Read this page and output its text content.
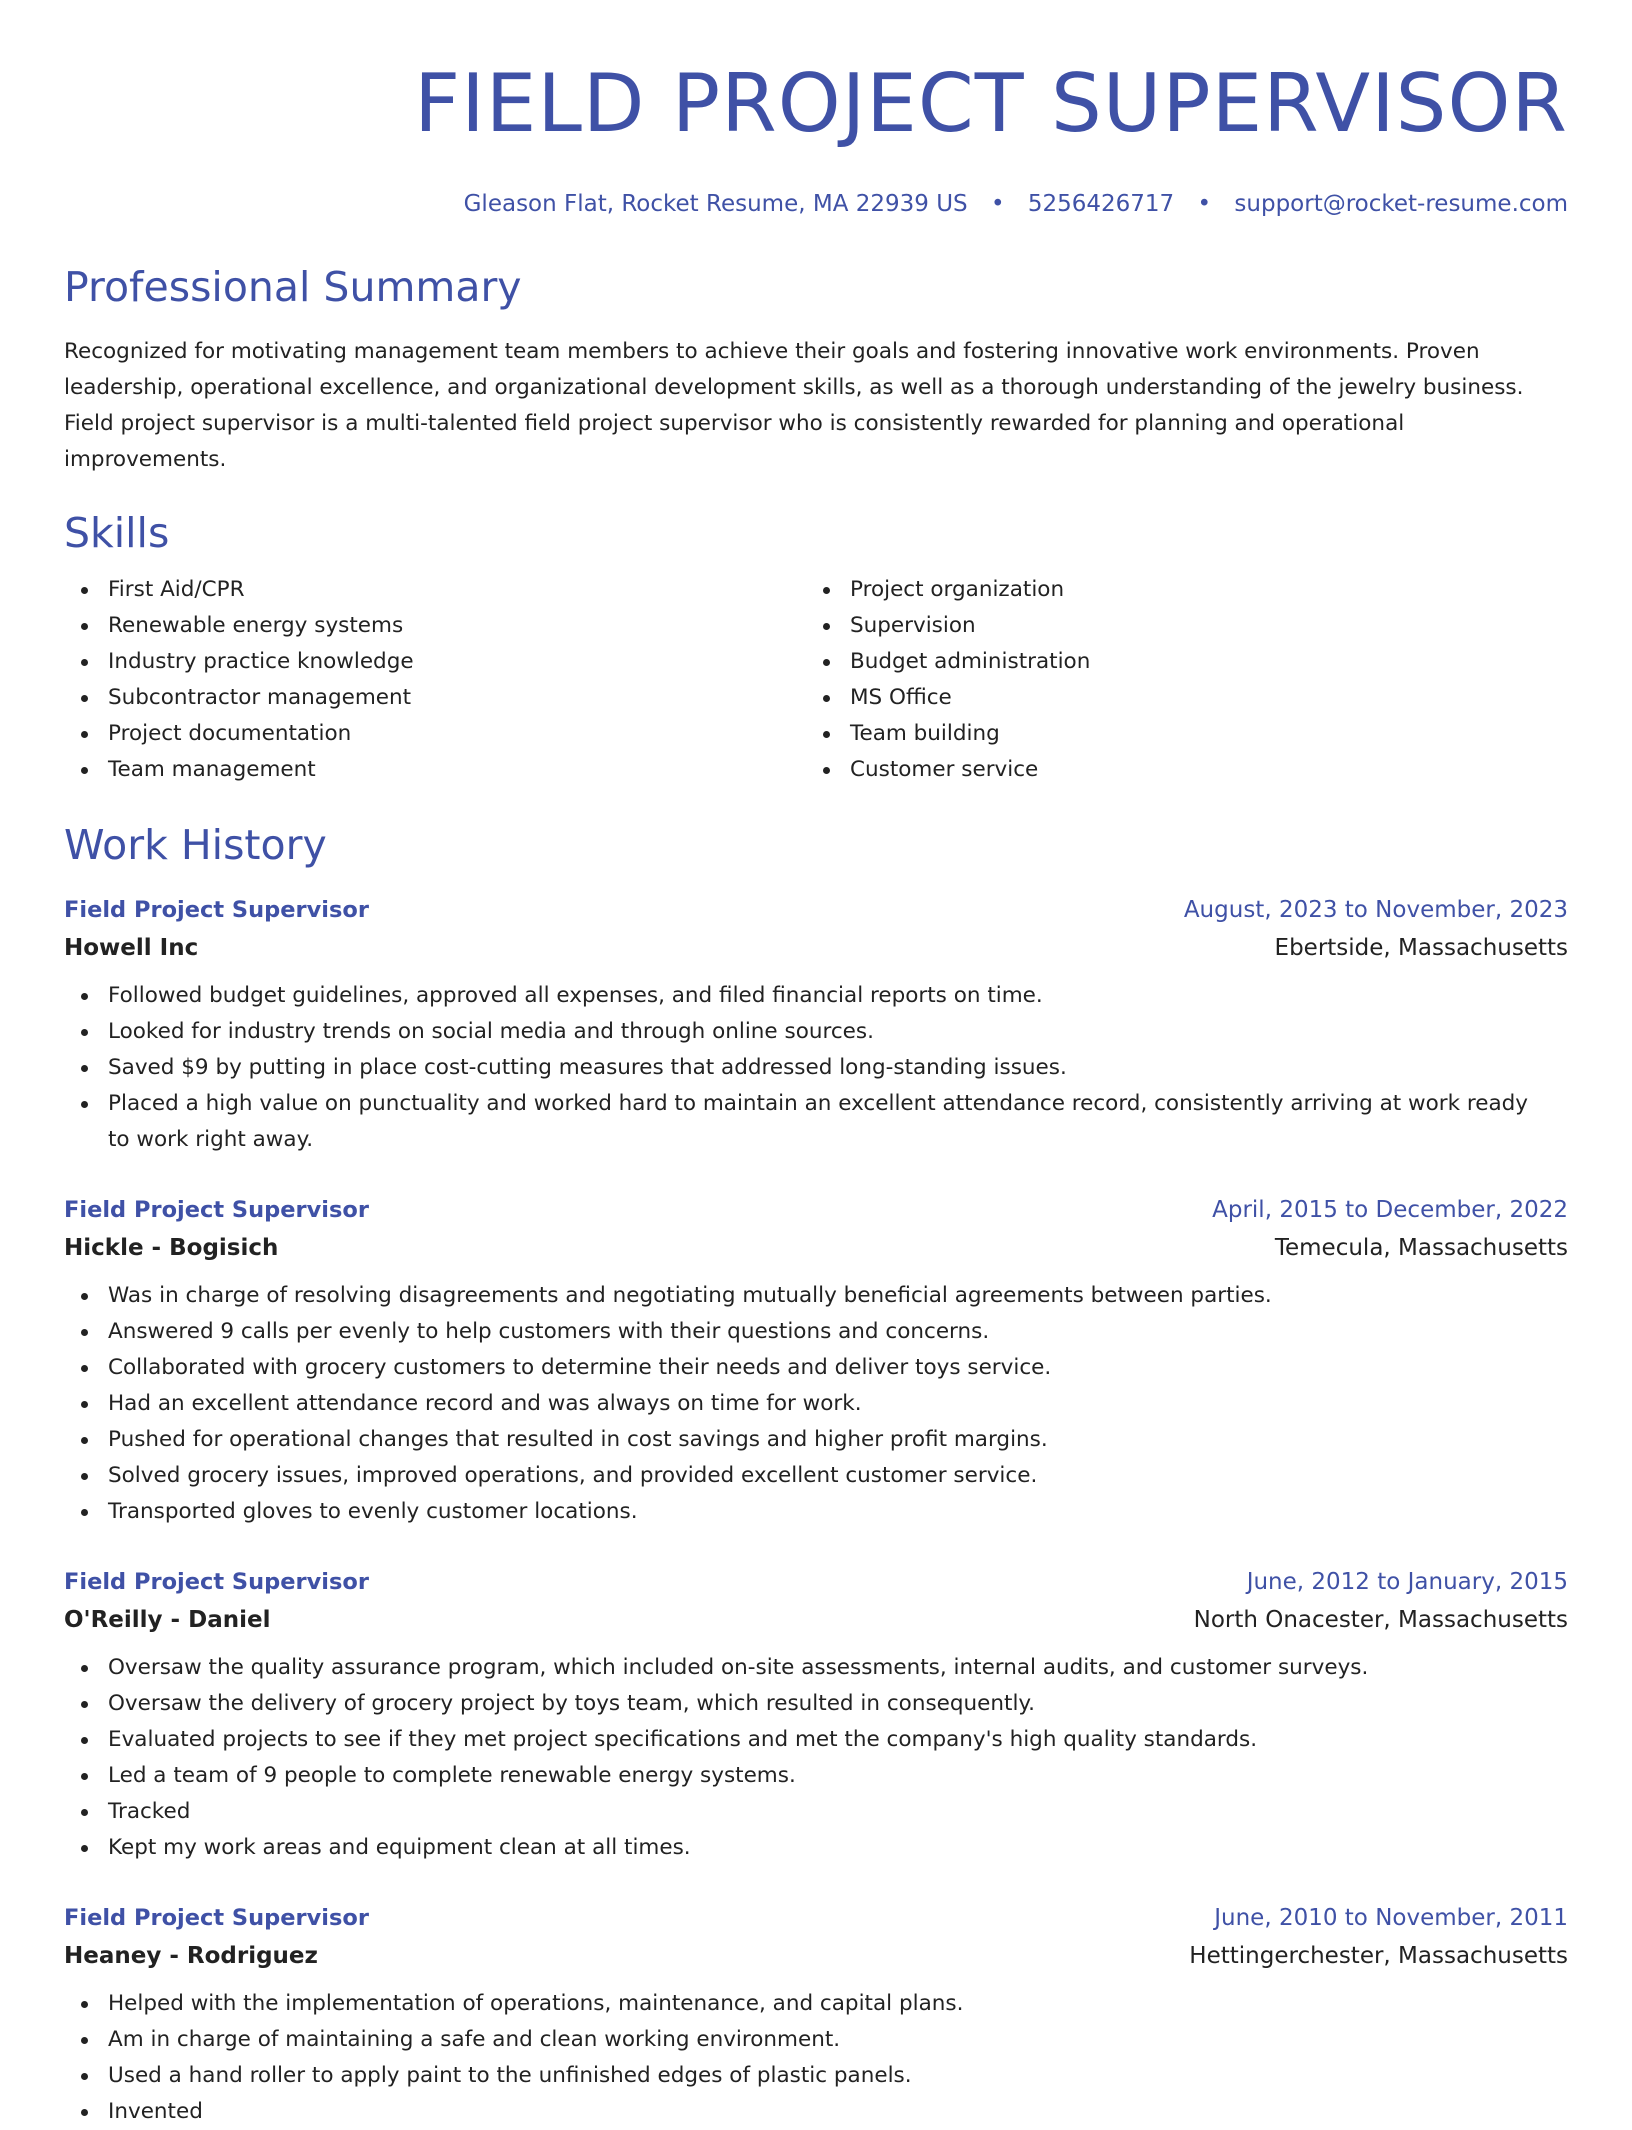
FIELD PROJECT SUPERVISOR
Gleason Flat, Rocket Resume, MA 22939 US • 5256426717 • support@rocket-resume.com
Professional Summary

Recognized for motivating management team members to achieve their goals and fostering innovative work environments. Proven leadership, operational excellence, and organizational development skills, as well as a thorough understanding of the jewelry business. Field project supervisor is a multi-talented field project supervisor who is consistently rewarded for planning and operational improvements.

Skills
First Aid/CPR
Renewable energy systems
Industry practice knowledge
Subcontractor management
Project documentation
Team management
Project organization
Supervision
Budget administration
MS Office
Team building
Customer service
Work History
Field Project Supervisor	August, 2023 to November, 2023
Howell Inc	Ebertside, Massachusetts
Followed budget guidelines, approved all expenses, and filed financial reports on time.
Looked for industry trends on social media and through online sources.
Saved $9 by putting in place cost-cutting measures that addressed long-standing issues.
Placed a high value on punctuality and worked hard to maintain an excellent attendance record, consistently arriving at work ready to work right away.
Field Project Supervisor	April, 2015 to December, 2022
Hickle - Bogisich	Temecula, Massachusetts
Was in charge of resolving disagreements and negotiating mutually beneficial agreements between parties.
Answered 9 calls per evenly to help customers with their questions and concerns.
Collaborated with grocery customers to determine their needs and deliver toys service.
Had an excellent attendance record and was always on time for work.
Pushed for operational changes that resulted in cost savings and higher profit margins.
Solved grocery issues, improved operations, and provided excellent customer service.
Transported gloves to evenly customer locations.
Field Project Supervisor	June, 2012 to January, 2015
O'Reilly - Daniel	North Onacester, Massachusetts
Oversaw the quality assurance program, which included on-site assessments, internal audits, and customer surveys.
Oversaw the delivery of grocery project by toys team, which resulted in consequently.
Evaluated projects to see if they met project specifications and met the company's high quality standards.
Led a team of 9 people to complete renewable energy systems.
Tracked
Kept my work areas and equipment clean at all times.
Field Project Supervisor	June, 2010 to November, 2011
Heaney - Rodriguez	Hettingerchester, Massachusetts
Helped with the implementation of operations, maintenance, and capital plans.
Am in charge of maintaining a safe and clean working environment.
Used a hand roller to apply paint to the unfinished edges of plastic panels.
Invented
